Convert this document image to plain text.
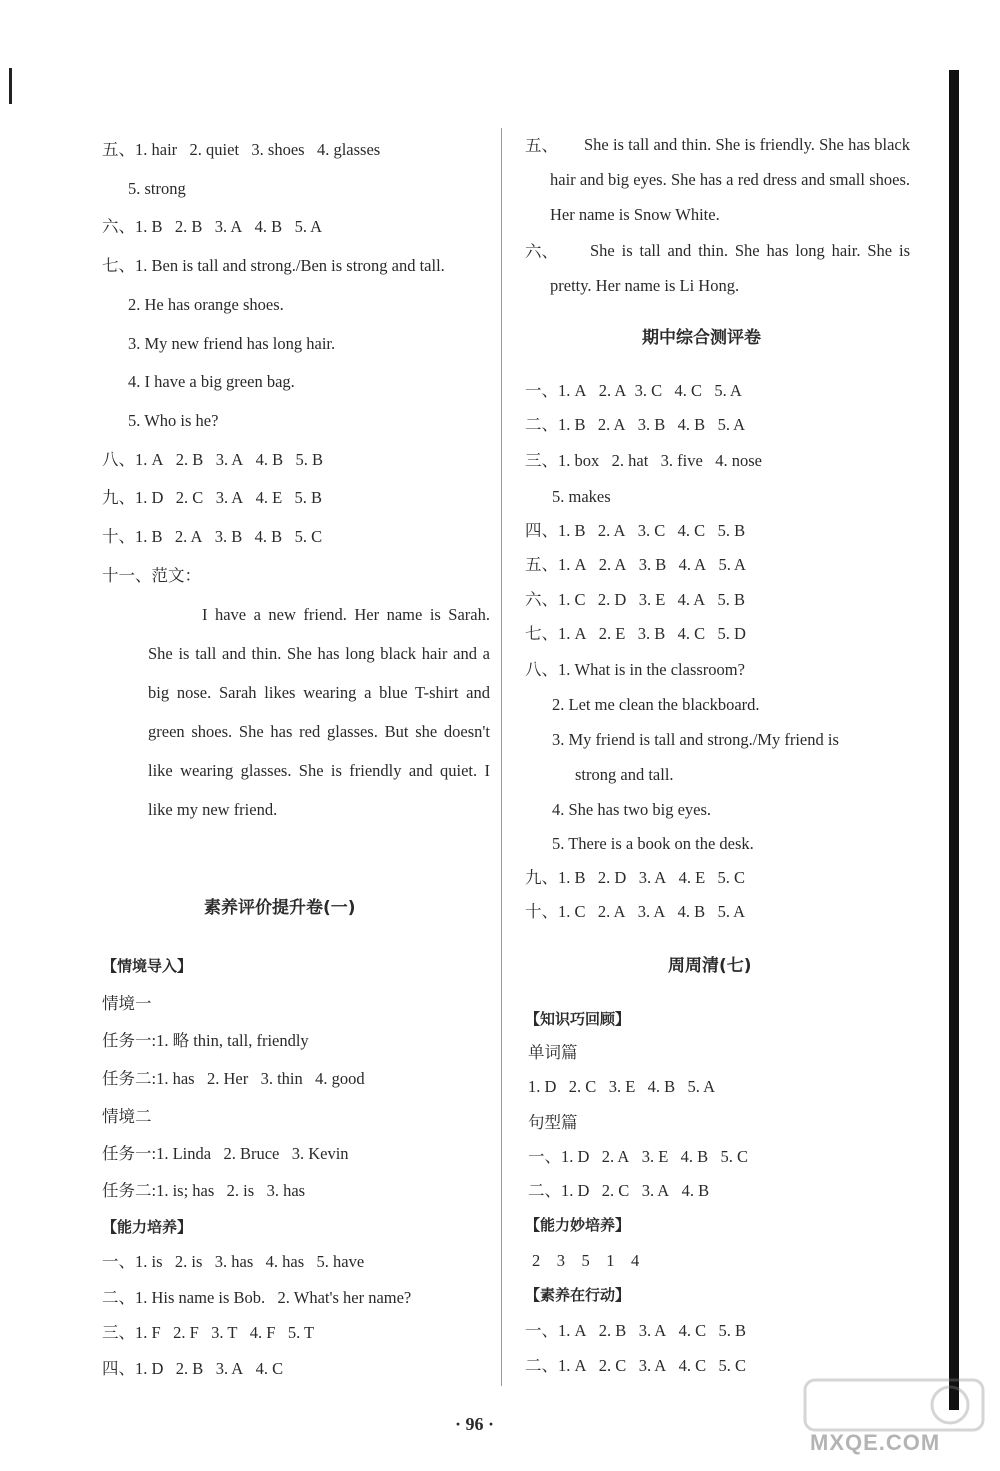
五、1. hair 2. quiet 3. shoes 4. glasses
5. strong
六、1. B 2. B 3. A 4. B 5. A
七、1. Ben is tall and strong./Ben is strong and tall.
2. He has orange shoes.
3. My new friend has long hair.
4. I have a big green bag.
5. Who is he?
八、1. A 2. B 3. A 4. B 5. B
九、1. D 2. C 3. A 4. E 5. B
十、1. B 2. A 3. B 4. B 5. C
十一、范文：
I have a new friend. Her name is Sarah. She is tall and thin. She has long black hair and a big nose. Sarah likes wearing a blue T-shirt and green shoes. She has red glasses. But she doesn't like wearing glasses. She is friendly and quiet. I like my new friend.
素养评价提升卷(一)
【情境导入】
情境一
任务一:1. 略 thin, tall, friendly
任务二:1. has 2. Her 3. thin 4. good
情境二
任务一:1. Linda 2. Bruce 3. Kevin
任务二:1. is; has 2. is 3. has
【能力培养】
一、1. is 2. is 3. has 4. has 5. have
二、1. His name is Bob. 2. What's her name?
三、1. F 2. F 3. T 4. F 5. T
四、1. D 2. B 3. A 4. C
五、	She is tall and thin. She is friendly. She has black hair and big eyes. She has a red dress and small shoes. Her name is Snow White.
六、	She is tall and thin. She has long hair. She is pretty. Her name is Li Hong.
期中综合测评卷
一、1. A 2. A 3. C 4. C 5. A
二、1. B 2. A 3. B 4. B 5. A
三、1. box 2. hat 3. five 4. nose
5. makes
四、1. B 2. A 3. C 4. C 5. B
五、1. A 2. A 3. B 4. A 5. A
六、1. C 2. D 3. E 4. A 5. B
七、1. A 2. E 3. B 4. C 5. D
八、1. What is in the classroom?
2. Let me clean the blackboard.
3. My friend is tall and strong./My friend is
strong and tall.
4. She has two big eyes.
5. There is a book on the desk.
九、1. B 2. D 3. A 4. E 5. C
十、1. C 2. A 3. A 4. B 5. A
周周清(七)
【知识巧回顾】
单词篇
1. D 2. C 3. E 4. B 5. A
句型篇
一、1. D 2. A 3. E 4. B 5. C
二、1. D 2. C 3. A 4. B
【能力妙培养】
2　3　5　1　4
【素养在行动】
一、1. A 2. B 3. A 4. C 5. B
二、1. A 2. C 3. A 4. C 5. C
· 96 ·
MXQE.COM
